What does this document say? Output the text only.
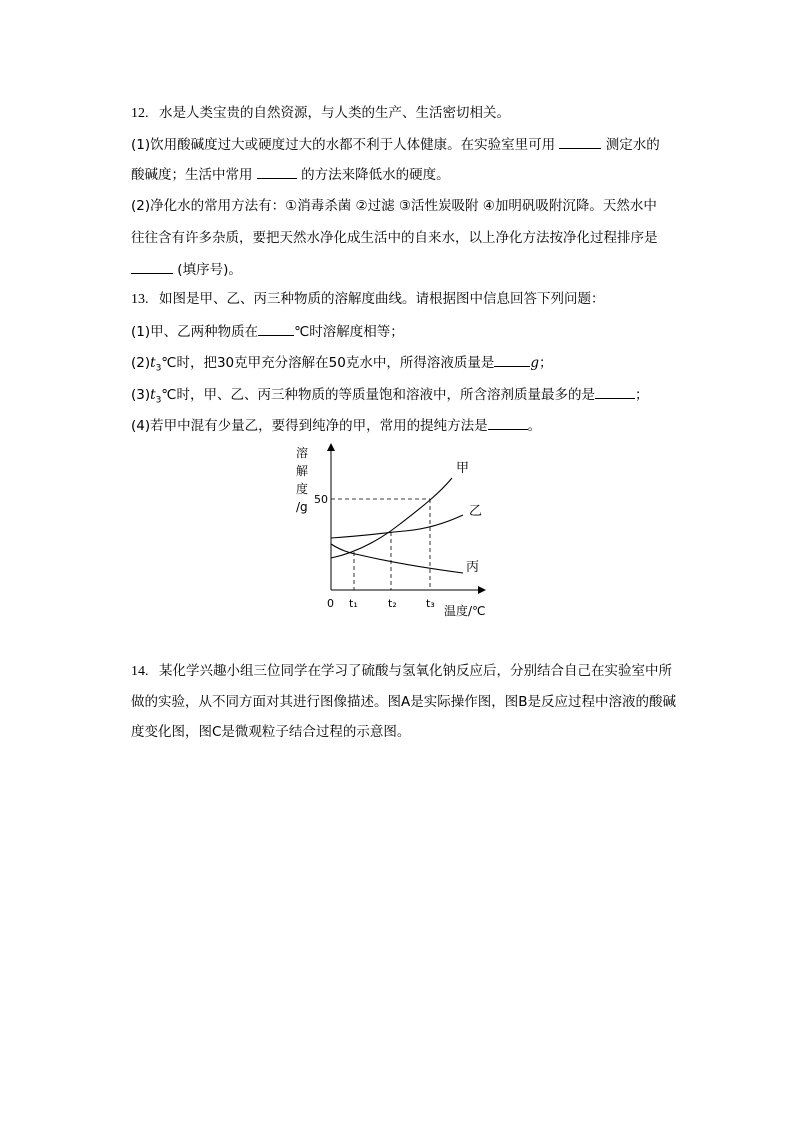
12. 水是人类宝贵的自然资源，与人类的生产、生活密切相关。
(1)饮用酸碱度过大或硬度过大的水都不利于人体健康。在实验室里可用	测定水的
酸碱度；生活中常用	的方法来降低水的硬度。
(2)净化水的常用方法有：①消毒杀菌 ②过滤 ③活性炭吸附 ④加明矾吸附沉降。天然水中
往往含有许多杂质，要把天然水净化成生活中的自来水，以上净化方法按净化过程排序是
(填序号)。
13. 如图是甲、乙、丙三种物质的溶解度曲线。请根据图中信息回答下列问题：
(1)甲、乙两种物质在	℃时溶解度相等；
$(2)t_3℃$时，把30克甲充分溶解在50克水中，所得溶液质量是	g；
$(3)t_3℃$时，甲、乙、丙三种物质的等质量饱和溶液中，所含溶剂质量最多的是	；
(4)若甲中混有少量乙，要得到纯净的甲，常用的提纯方法是	。
溶
解
度
/g
50
0 t₁	t₂	t₃
温度/℃
甲
乙
丙
14. 某化学兴趣小组三位同学在学习了硫酸与氢氧化钠反应后，分别结合自己在实验室中所
做的实验，从不同方面对其进行图像描述。图A是实际操作图，图B是反应过程中溶液的酸碱
度变化图，图C是微观粒子结合过程的示意图。
